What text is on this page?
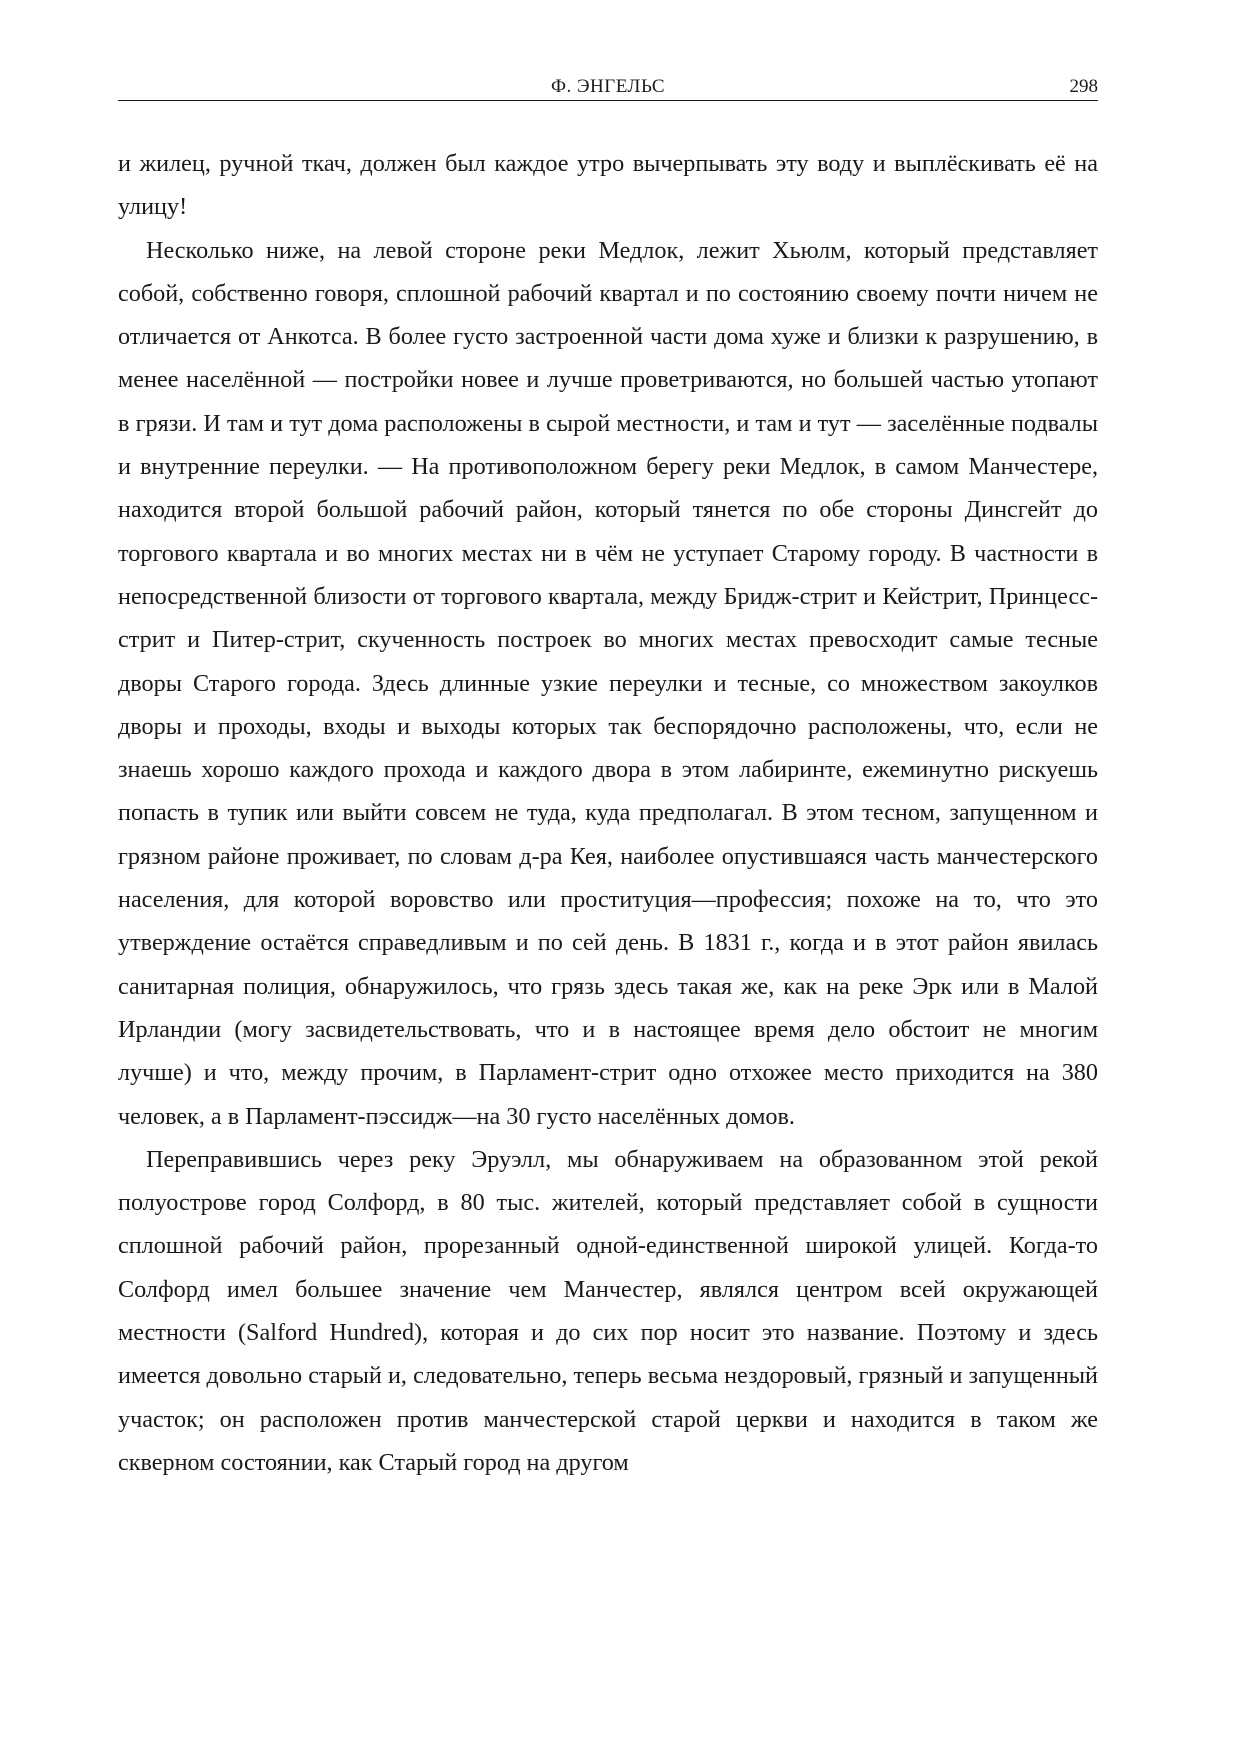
Ф. ЭНГЕЛЬС	298

и жилец, ручной ткач, должен был каждое утро вычерпывать эту воду и выплёскивать её на улицу!

Несколько ниже, на левой стороне реки Медлок, лежит Хьюлм, который представляет собой, собственно говоря, сплошной рабочий квартал и по состоянию своему почти ничем не отличается от Анкотса. В более густо застроенной части дома хуже и близки к разрушению, в менее населённой — постройки новее и лучше проветриваются, но большей частью утопают в грязи. И там и тут дома расположены в сырой местности, и там и тут — заселённые подвалы и внутренние переулки. — На противоположном берегу реки Медлок, в самом Манчестере, находится второй большой рабочий район, который тянется по обе стороны Динсгейт до торгового квартала и во многих местах ни в чём не уступает Старому городу. В частности в непосредственной близости от торгового квартала, между Бридж-стрит и Кейстрит, Принцесс-стрит и Питер-стрит, скученность построек во многих местах превосходит самые тесные дворы Старого города. Здесь длинные узкие переулки и тесные, со множеством закоулков дворы и проходы, входы и выходы которых так беспорядочно расположены, что, если не знаешь хорошо каждого прохода и каждого двора в этом лабиринте, ежеминутно рискуешь попасть в тупик или выйти совсем не туда, куда предполагал. В этом тесном, запущенном и грязном районе проживает, по словам д-ра Кея, наиболее опустившаяся часть манчестерского населения, для которой воровство или проституция—профессия; похоже на то, что это утверждение остаётся справедливым и по сей день. В 1831 г., когда и в этот район явилась санитарная полиция, обнаружилось, что грязь здесь такая же, как на реке Эрк или в Малой Ирландии (могу засвидетельствовать, что и в настоящее время дело обстоит не многим лучше) и что, между прочим, в Парламент-стрит одно отхожее место приходится на 380 человек, а в Парламент-пэссидж—на 30 густо населённых домов.

Переправившись через реку Эруэлл, мы обнаруживаем на образованном этой рекой полуострове город Солфорд, в 80 тыс. жителей, который представляет собой в сущности сплошной рабочий район, прорезанный одной-единственной широкой улицей. Когда-то Солфорд имел большее значение чем Манчестер, являлся центром всей окружающей местности (Salford Hundred), которая и до сих пор носит это название. Поэтому и здесь имеется довольно старый и, следовательно, теперь весьма нездоровый, грязный и запущенный участок; он расположен против манчестерской старой церкви и находится в таком же скверном состоянии, как Старый город на другом
